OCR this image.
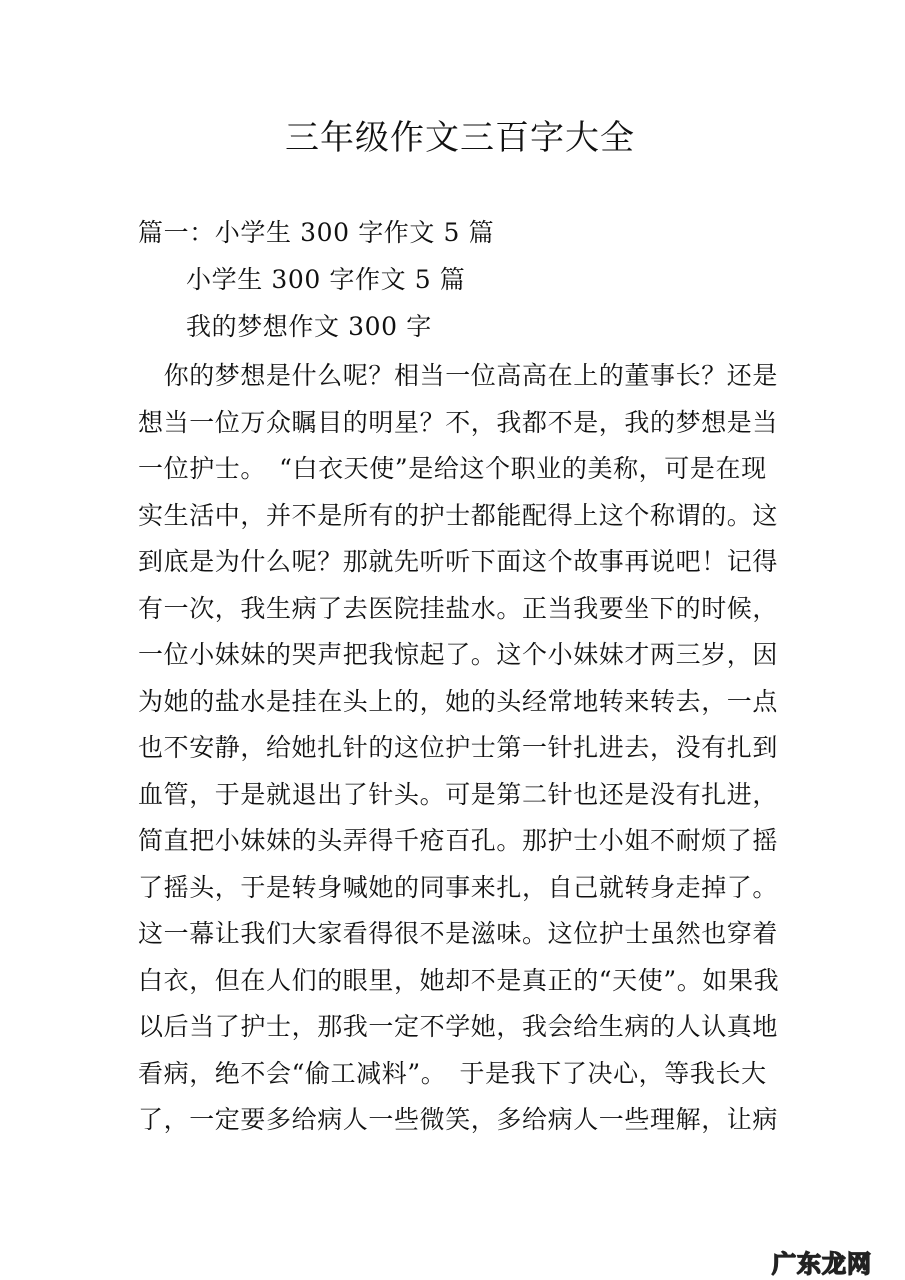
三年级作文三百字大全
篇一：小学生 300 字作文 5 篇
小学生 300 字作文 5 篇
我的梦想作文 300 字
　你的梦想是什么呢？相当一位高高在上的董事长？还是
想当一位万众瞩目的明星？不，我都不是，我的梦想是当
一位护士。　“白衣天使”是给这个职业的美称，可是在现
实生活中，并不是所有的护士都能配得上这个称谓的。这
到底是为什么呢？那就先听听下面这个故事再说吧！记得
有一次，我生病了去医院挂盐水。正当我要坐下的时候，
一位小妹妹的哭声把我惊起了。这个小妹妹才两三岁，因
为她的盐水是挂在头上的，她的头经常地转来转去，一点
也不安静，给她扎针的这位护士第一针扎进去，没有扎到
血管，于是就退出了针头。可是第二针也还是没有扎进，
简直把小妹妹的头弄得千疮百孔。那护士小姐不耐烦了摇
了摇头，于是转身喊她的同事来扎，自己就转身走掉了。
这一幕让我们大家看得很不是滋味。这位护士虽然也穿着
白衣，但在人们的眼里，她却不是真正的“天使”。如果我
以后当了护士，那我一定不学她，我会给生病的人认真地
看病，绝不会“偷工减料”。　于是我下了决心，等我长大
了，一定要多给病人一些微笑，多给病人一些理解，让病
广东龙网
